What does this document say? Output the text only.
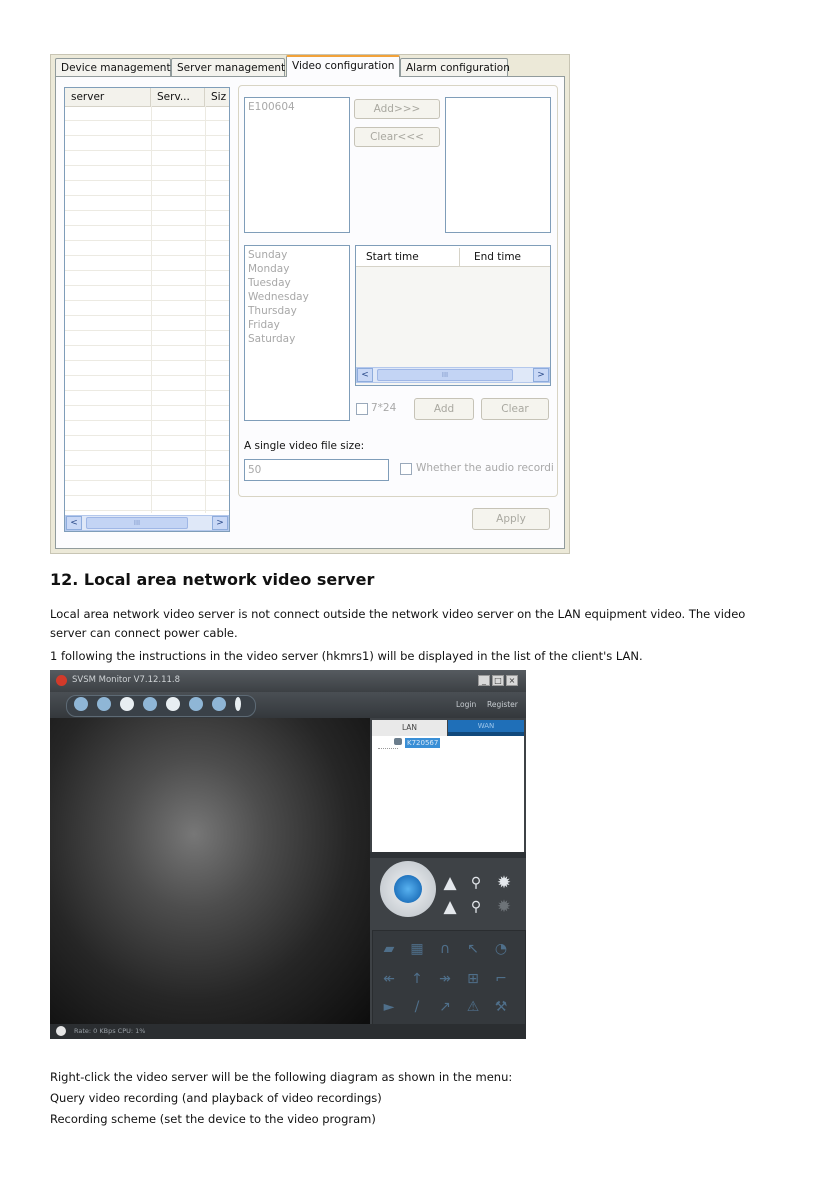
Device management Server management Video configuration	Alarm configuration
server	Serv...	Siz
<	III	>
E100604	Add>>>
Clear<<<
Sunday
Monday
Tuesday
Wednesday
Thursday
Friday
Saturday
Start time	End time
<	III	>
7*24	Add	Clear
A single video file size:
50	Whether the audio recordi
Apply
12. Local area network video server
Local area network video server is not connect outside the network video server on the LAN equipment video. The video
server can connect power cable.
1 following the instructions in the video server (hkmrs1) will be displayed in the list of the client's LAN.
SVSM Monitor V7.12.11.8	_	□ ×
Login Register
LAN	WAN
K720567
▲	⚲ ✹
▲	⚲ ✹
▰	▦	∩	↖ ◔
↞ ↑ ↠ ⊞ ⌐
►	/	↗ ⚠ ⚒
Rate: 0 KBps CPU: 1%
Right-click the video server will be the following diagram as shown in the menu:
Query video recording (and playback of video recordings)
Recording scheme (set the device to the video program)
